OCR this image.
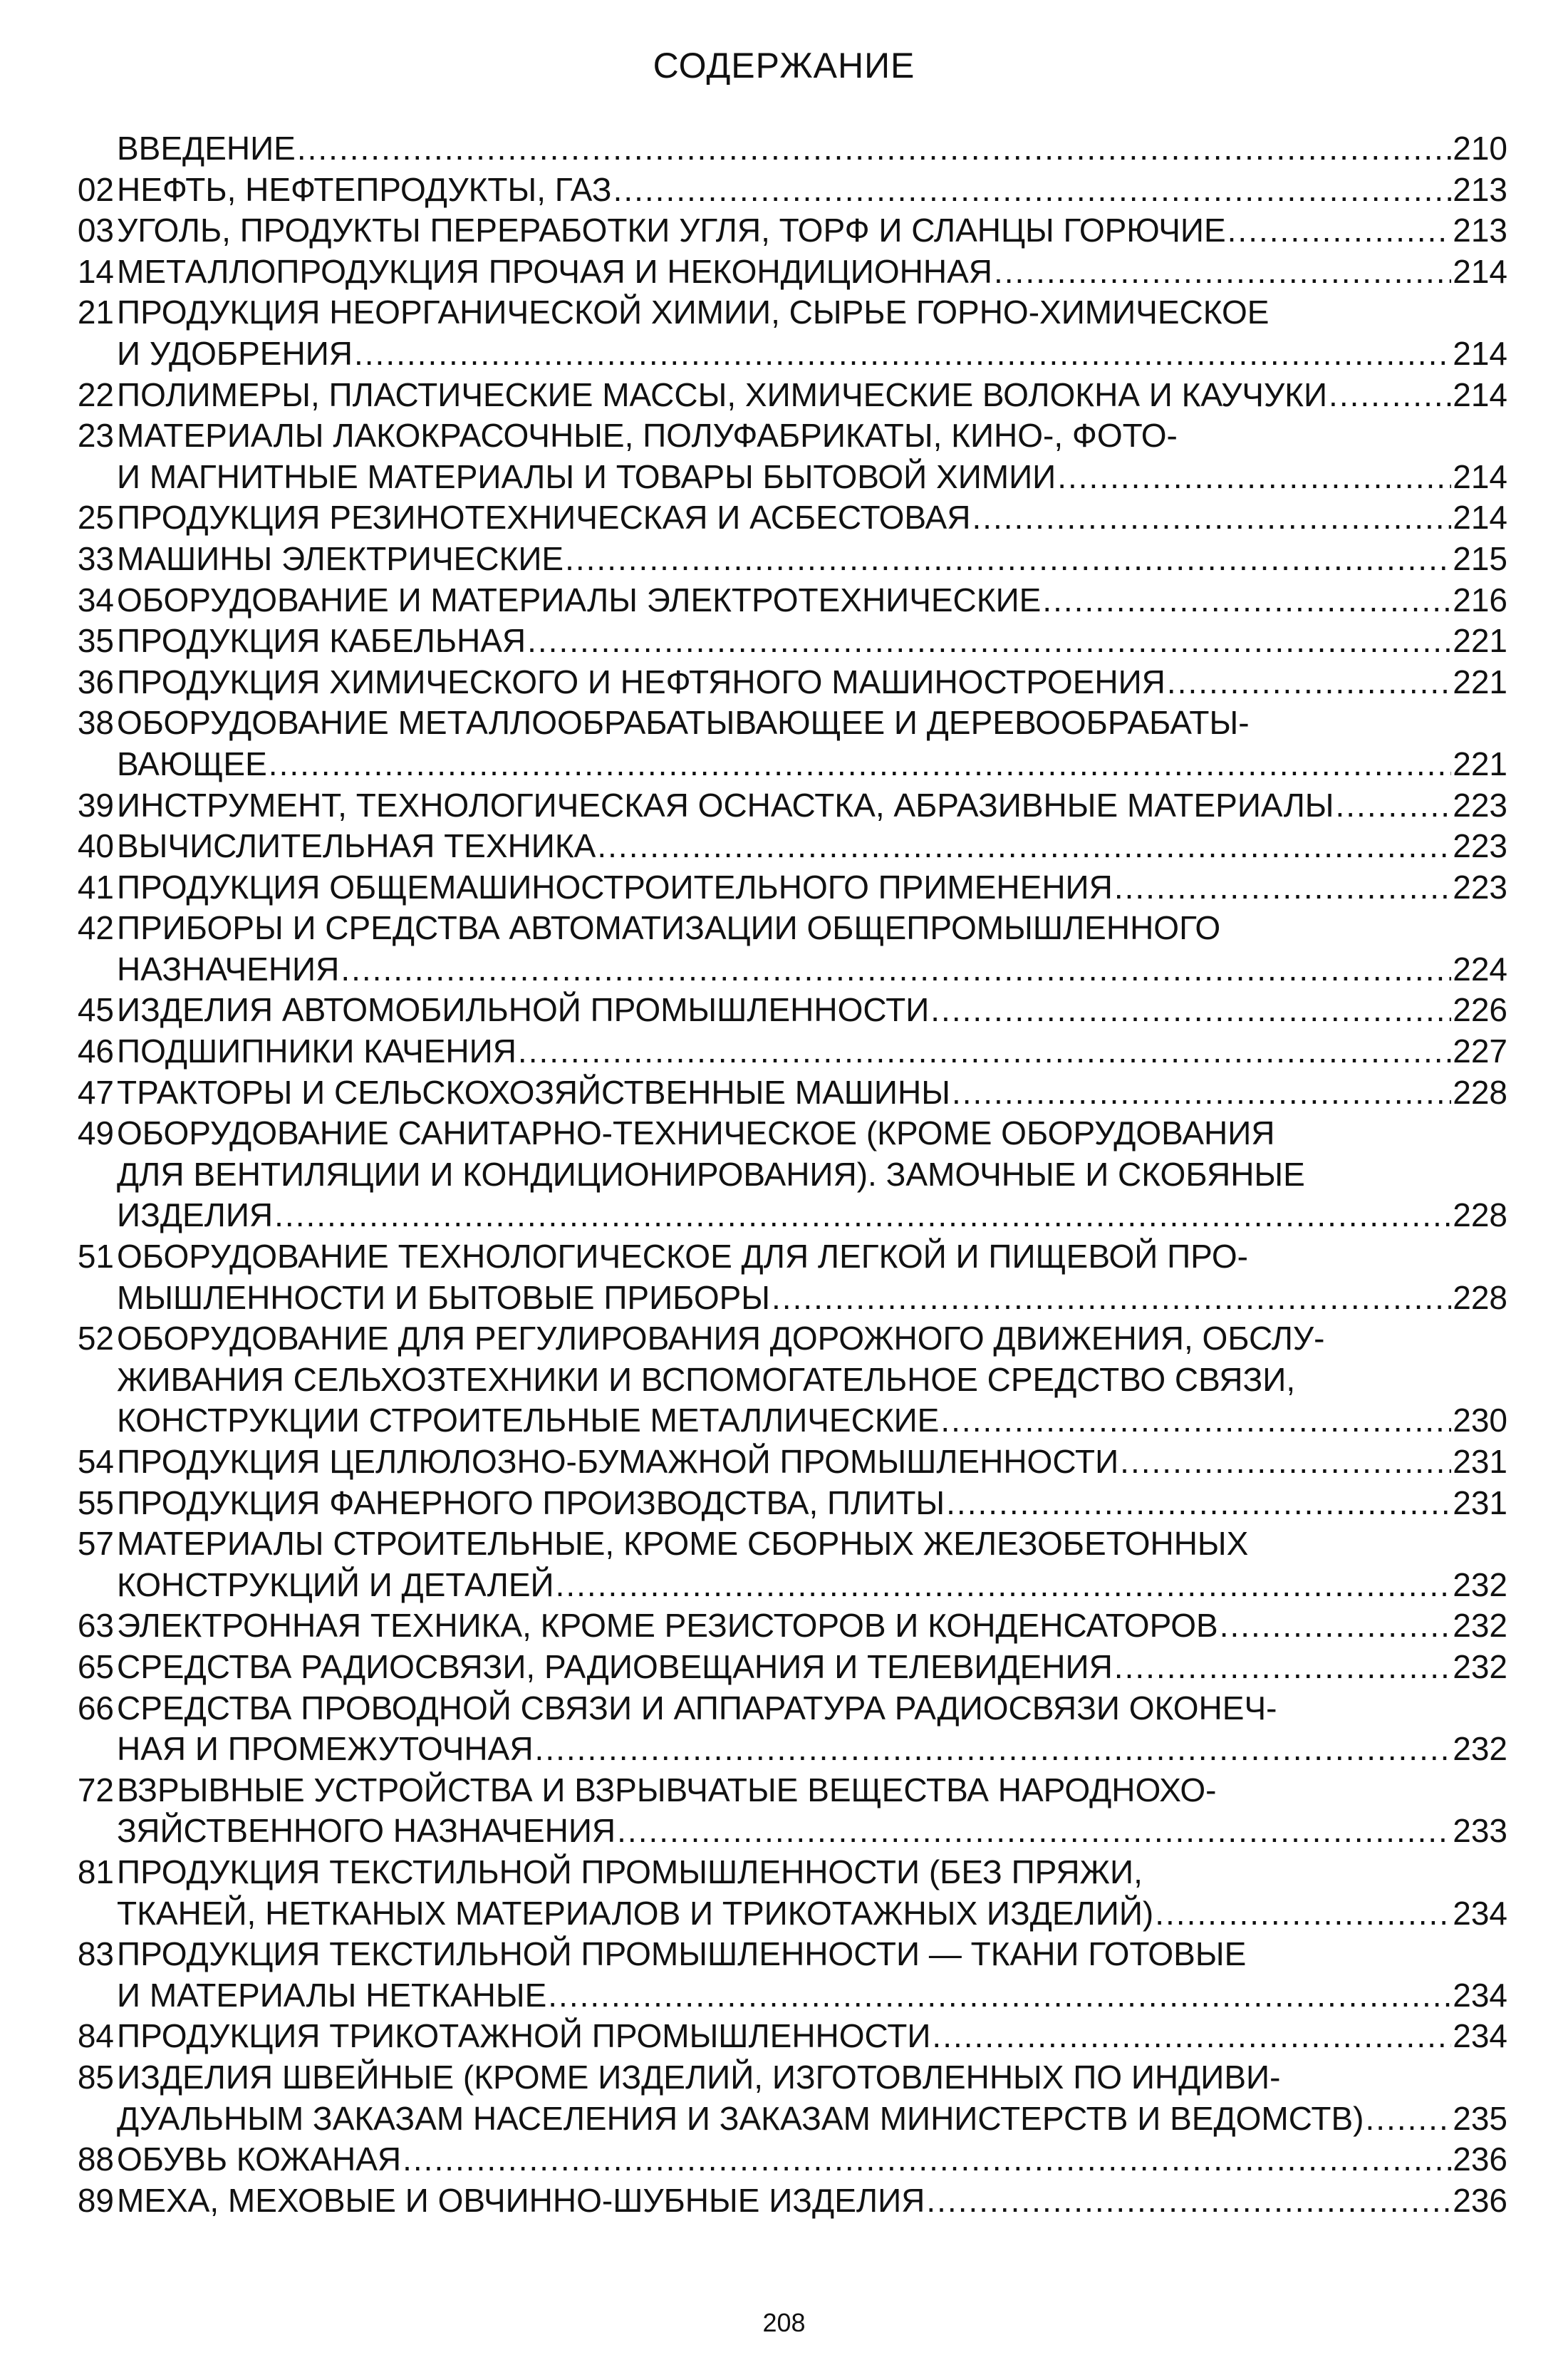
СОДЕРЖАНИЕ
ВВЕДЕНИЕ .....	210
02 НЕФТЬ, НЕФТЕПРОДУКТЫ, ГАЗ .....	213
03 УГОЛЬ, ПРОДУКТЫ ПЕРЕРАБОТКИ УГЛЯ, ТОРФ И СЛАНЦЫ ГОРЮЧИЕ .....	213
14 МЕТАЛЛОПРОДУКЦИЯ ПРОЧАЯ И НЕКОНДИЦИОННАЯ .....	214
21 ПРОДУКЦИЯ НЕОРГАНИЧЕСКОЙ ХИМИИ, СЫРЬЕ ГОРНО-ХИМИЧЕСКОЕ
И УДОБРЕНИЯ .....	214
22 ПОЛИМЕРЫ, ПЛАСТИЧЕСКИЕ МАССЫ, ХИМИЧЕСКИЕ ВОЛОКНА И КАУЧУКИ .....	214
23 МАТЕРИАЛЫ ЛАКОКРАСОЧНЫЕ, ПОЛУФАБРИКАТЫ, КИНО-, ФОТО-
И МАГНИТНЫЕ МАТЕРИАЛЫ И ТОВАРЫ БЫТОВОЙ ХИМИИ .....	214
25 ПРОДУКЦИЯ РЕЗИНОТЕХНИЧЕСКАЯ И АСБЕСТОВАЯ .....	214
33 МАШИНЫ ЭЛЕКТРИЧЕСКИЕ .....	215
34 ОБОРУДОВАНИЕ И МАТЕРИАЛЫ ЭЛЕКТРОТЕХНИЧЕСКИЕ .....	216
35 ПРОДУКЦИЯ КАБЕЛЬНАЯ .....	221
36 ПРОДУКЦИЯ ХИМИЧЕСКОГО И НЕФТЯНОГО МАШИНОСТРОЕНИЯ .....	221
38 ОБОРУДОВАНИЕ МЕТАЛЛООБРАБАТЫВАЮЩЕЕ И ДЕРЕВООБРАБАТЫ-
ВАЮЩЕЕ .....	221
39 ИНСТРУМЕНТ, ТЕХНОЛОГИЧЕСКАЯ ОСНАСТКА, АБРАЗИВНЫЕ МАТЕРИАЛЫ .....	223
40 ВЫЧИСЛИТЕЛЬНАЯ ТЕХНИКА .....	223
41 ПРОДУКЦИЯ ОБЩЕМАШИНОСТРОИТЕЛЬНОГО ПРИМЕНЕНИЯ .....	223
42 ПРИБОРЫ И СРЕДСТВА АВТОМАТИЗАЦИИ ОБЩЕПРОМЫШЛЕННОГО
НАЗНАЧЕНИЯ .....	224
45 ИЗДЕЛИЯ АВТОМОБИЛЬНОЙ ПРОМЫШЛЕННОСТИ .....	226
46 ПОДШИПНИКИ КАЧЕНИЯ .....	227
47 ТРАКТОРЫ И СЕЛЬСКОХОЗЯЙСТВЕННЫЕ МАШИНЫ .....	228
49 ОБОРУДОВАНИЕ САНИТАРНО-ТЕХНИЧЕСКОЕ (КРОМЕ ОБОРУДОВАНИЯ
ДЛЯ ВЕНТИЛЯЦИИ И КОНДИЦИОНИРОВАНИЯ). ЗАМОЧНЫЕ И СКОБЯНЫЕ
ИЗДЕЛИЯ .....	228
51 ОБОРУДОВАНИЕ ТЕХНОЛОГИЧЕСКОЕ ДЛЯ ЛЕГКОЙ И ПИЩЕВОЙ ПРО-
МЫШЛЕННОСТИ И БЫТОВЫЕ ПРИБОРЫ .....	228
52 ОБОРУДОВАНИЕ ДЛЯ РЕГУЛИРОВАНИЯ ДОРОЖНОГО ДВИЖЕНИЯ, ОБСЛУ-
ЖИВАНИЯ СЕЛЬХОЗТЕХНИКИ И ВСПОМОГАТЕЛЬНОЕ СРЕДСТВО СВЯЗИ,
КОНСТРУКЦИИ СТРОИТЕЛЬНЫЕ МЕТАЛЛИЧЕСКИЕ .....	230
54 ПРОДУКЦИЯ ЦЕЛЛЮЛОЗНО-БУМАЖНОЙ ПРОМЫШЛЕННОСТИ .....	231
55 ПРОДУКЦИЯ ФАНЕРНОГО ПРОИЗВОДСТВА, ПЛИТЫ .....	231
57 МАТЕРИАЛЫ СТРОИТЕЛЬНЫЕ, КРОМЕ СБОРНЫХ ЖЕЛЕЗОБЕТОННЫХ
КОНСТРУКЦИЙ И ДЕТАЛЕЙ .....	232
63 ЭЛЕКТРОННАЯ ТЕХНИКА, КРОМЕ РЕЗИСТОРОВ И КОНДЕНСАТОРОВ .....	232
65 СРЕДСТВА РАДИОСВЯЗИ, РАДИОВЕЩАНИЯ И ТЕЛЕВИДЕНИЯ .....	232
66 СРЕДСТВА ПРОВОДНОЙ СВЯЗИ И АППАРАТУРА РАДИОСВЯЗИ ОКОНЕЧ-
НАЯ И ПРОМЕЖУТОЧНАЯ .....	232
72 ВЗРЫВНЫЕ УСТРОЙСТВА И ВЗРЫВЧАТЫЕ ВЕЩЕСТВА НАРОДНОХО-
ЗЯЙСТВЕННОГО НАЗНАЧЕНИЯ .....	233
81 ПРОДУКЦИЯ ТЕКСТИЛЬНОЙ ПРОМЫШЛЕННОСТИ (БЕЗ ПРЯЖИ,
ТКАНЕЙ, НЕТКАНЫХ МАТЕРИАЛОВ И ТРИКОТАЖНЫХ ИЗДЕЛИЙ) .....	234
83 ПРОДУКЦИЯ ТЕКСТИЛЬНОЙ ПРОМЫШЛЕННОСТИ — ТКАНИ ГОТОВЫЕ
И МАТЕРИАЛЫ НЕТКАНЫЕ .....	234
84 ПРОДУКЦИЯ ТРИКОТАЖНОЙ ПРОМЫШЛЕННОСТИ .....	234
85 ИЗДЕЛИЯ ШВЕЙНЫЕ (КРОМЕ ИЗДЕЛИЙ, ИЗГОТОВЛЕННЫХ ПО ИНДИВИ-
ДУАЛЬНЫМ ЗАКАЗАМ НАСЕЛЕНИЯ И ЗАКАЗАМ МИНИСТЕРСТВ И ВЕДОМСТВ) .....	235
88 ОБУВЬ КОЖАНАЯ .....	236
89 МЕХА, МЕХОВЫЕ И ОВЧИННО-ШУБНЫЕ ИЗДЕЛИЯ .....	236
208
